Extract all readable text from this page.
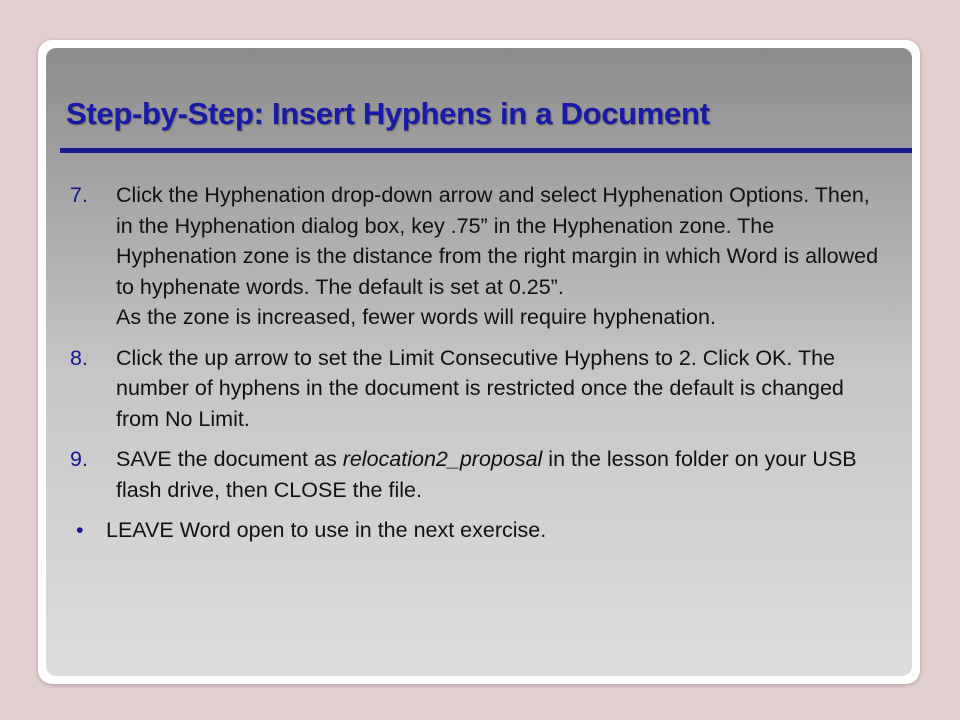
Step-by-Step: Insert Hyphens in a Document
7.	Click the Hyphenation drop-down arrow and select Hyphenation Options. Then, in the Hyphenation dialog box, key .75” in the Hyphenation zone. The Hyphenation zone is the distance from the right margin in which Word is allowed to hyphenate words. The default is set at 0.25”.
As the zone is increased, fewer words will require hyphenation.
8.	Click the up arrow to set the Limit Consecutive Hyphens to 2. Click OK. The number of hyphens in the document is restricted once the default is changed from No Limit.
9.	SAVE the document as relocation2_proposal in the lesson folder on your USB flash drive, then CLOSE the file.
•	LEAVE Word open to use in the next exercise.
